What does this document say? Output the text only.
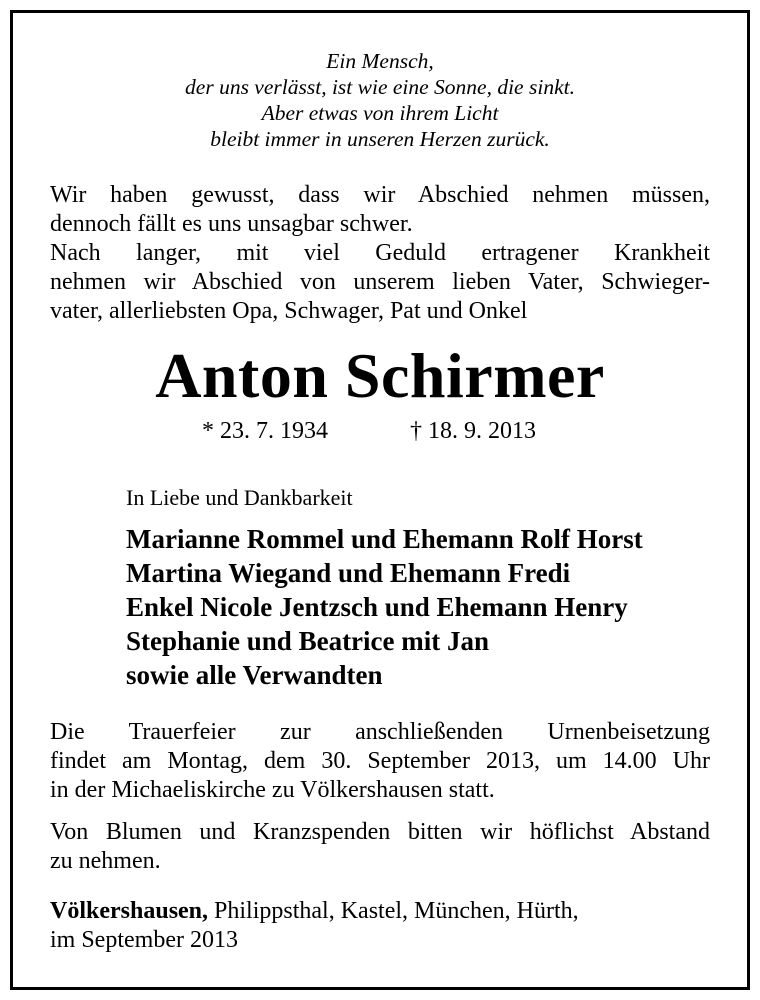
Ein Mensch,
der uns verlässt, ist wie eine Sonne, die sinkt.
Aber etwas von ihrem Licht
bleibt immer in unseren Herzen zurück.
Wir haben gewusst, dass wir Abschied nehmen müssen,
dennoch fällt es uns unsagbar schwer.
Nach langer, mit viel Geduld ertragener Krankheit
nehmen wir Abschied von unserem lieben Vater, Schwieger-
vater, allerliebsten Opa, Schwager, Pat und Onkel
Anton Schirmer
* 23. 7. 1934	† 18. 9. 2013
In Liebe und Dankbarkeit
Marianne Rommel und Ehemann Rolf Horst
Martina Wiegand und Ehemann Fredi
Enkel Nicole Jentzsch und Ehemann Henry
Stephanie und Beatrice mit Jan
sowie alle Verwandten
Die Trauerfeier zur anschließenden Urnenbeisetzung
findet am Montag, dem 30. September 2013, um 14.00 Uhr
in der Michaeliskirche zu Völkershausen statt.
Von Blumen und Kranzspenden bitten wir höflichst Abstand
zu nehmen.
Völkershausen, Philippsthal, Kastel, München, Hürth,
im September 2013
